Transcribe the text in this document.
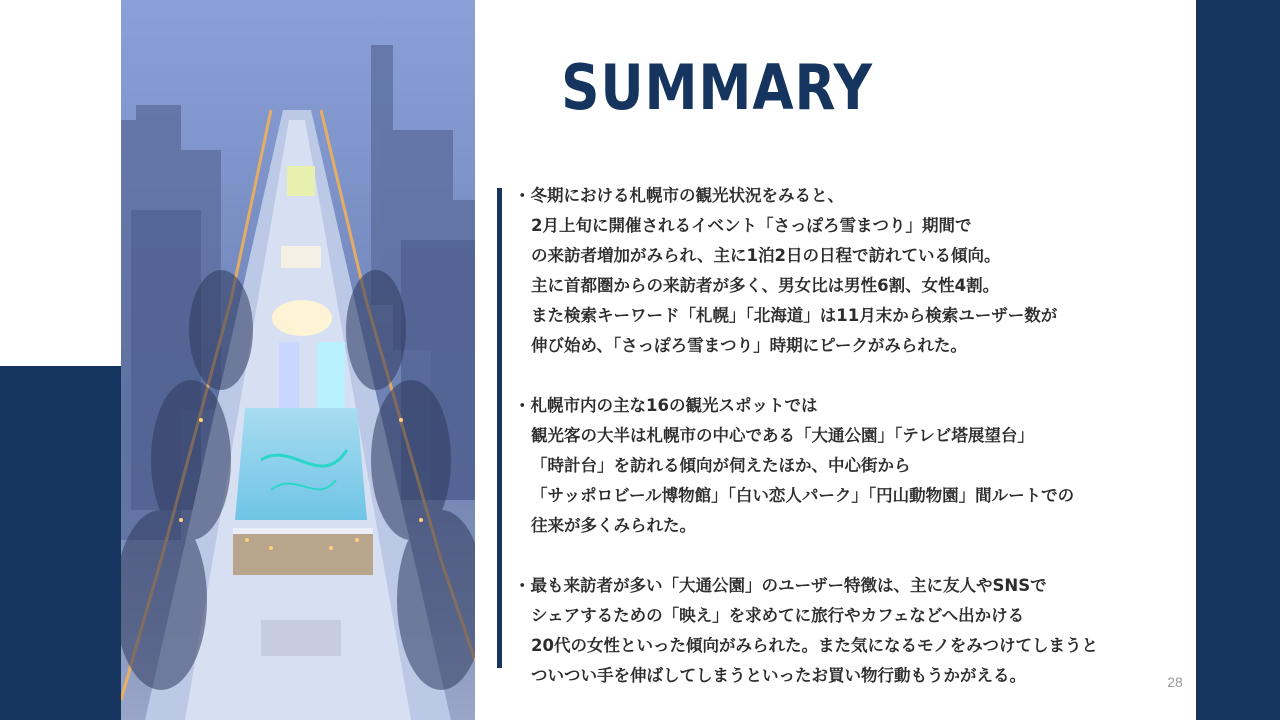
SUMMARY
・冬期における札幌市の観光状況をみると、
2月上旬に開催されるイベント「さっぽろ雪まつり」期間で
の来訪者増加がみられ、主に1泊2日の日程で訪れている傾向。
主に首都圏からの来訪者が多く、男女比は男性6割、女性4割。
また検索キーワード「札幌」「北海道」は11月末から検索ユーザー数が
伸び始め、「さっぽろ雪まつり」時期にピークがみられた。
・札幌市内の主な16の観光スポットでは
観光客の大半は札幌市の中心である「大通公園」「テレビ塔展望台」
「時計台」を訪れる傾向が伺えたほか、中心街から
「サッポロビール博物館」「白い恋人パーク」「円山動物園」間ルートでの
往来が多くみられた。
・最も来訪者が多い「大通公園」のユーザー特徴は、主に友人やSNSで
シェアするための「映え」を求めてに旅行やカフェなどへ出かける
20代の女性といった傾向がみられた。また気になるモノをみつけてしまうと
ついつい手を伸ばしてしまうといったお買い物行動もうかがえる。	28
